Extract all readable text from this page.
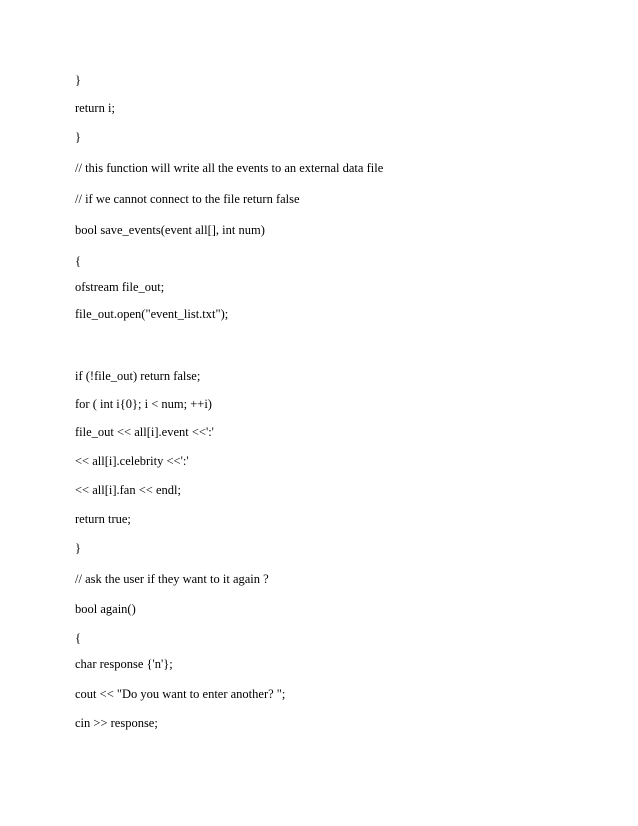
}
return i;
}
// this function will write all the events to an external data file
// if we cannot connect to the file return false
bool save_events(event all[], int num)
{
ofstream file_out;
file_out.open("event_list.txt");
if (!file_out) return false;
for ( int i{0}; i < num; ++i)
file_out << all[i].event <<':'
<< all[i].celebrity <<':'
<< all[i].fan << endl;
return true;
}
// ask the user if they want to it again ?
bool again()
{
char response {'n'};
cout << "Do you want to enter another? ";
cin >> response;
